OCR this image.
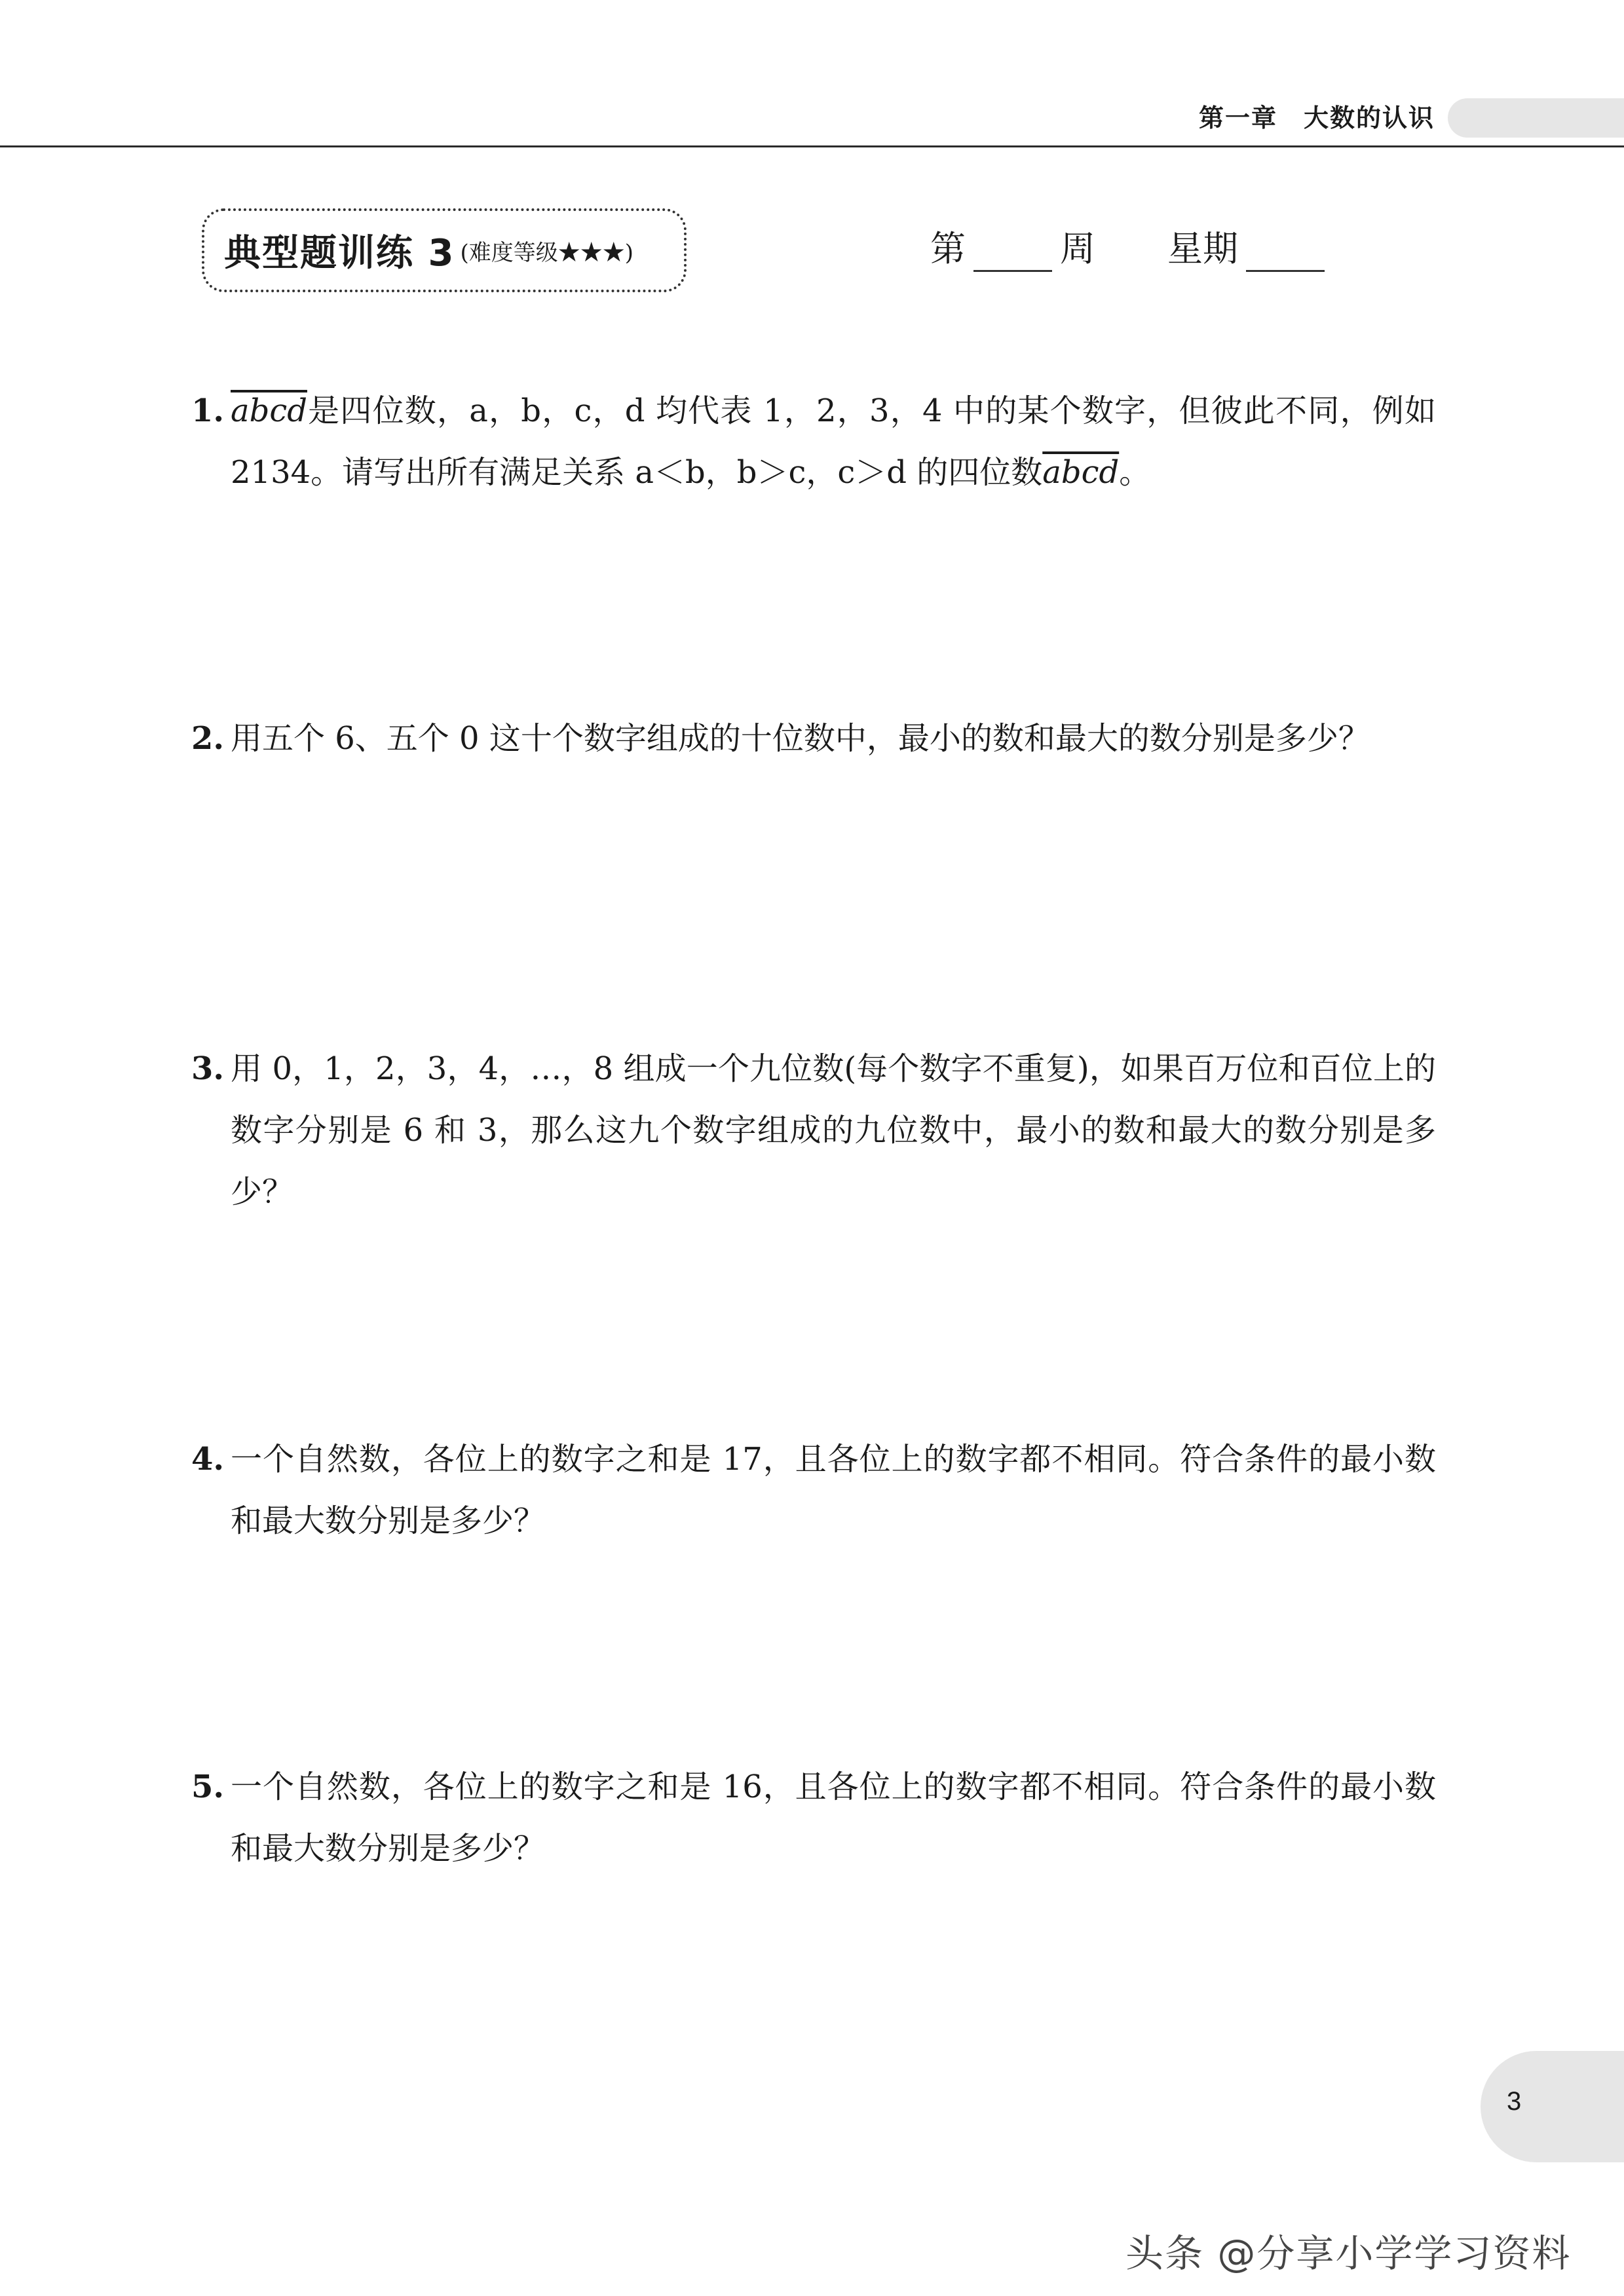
第一章　大数的认识
典型题训练 3 (难度等级★★★)	第	周 星期
1. abcd是四位数，a，b，c，d 均代表 1，2，3，4 中的某个数字，但彼此不同，例如 2134。请写出所有满足关系 a＜b，b＞c，c＞d 的四位数abcd。
2. 用五个 6、五个 0 这十个数字组成的十位数中，最小的数和最大的数分别是多少？
3. 用 0，1，2，3，4，…，8 组成一个九位数(每个数字不重复)，如果百万位和百位上的数字分别是 6 和 3，那么这九个数字组成的九位数中，最小的数和最大的数分别是多少？
4. 一个自然数，各位上的数字之和是 17，且各位上的数字都不相同。符合条件的最小数和最大数分别是多少？
5. 一个自然数，各位上的数字之和是 16，且各位上的数字都不相同。符合条件的最小数和最大数分别是多少？
3
头条 @分享小学学习资料
